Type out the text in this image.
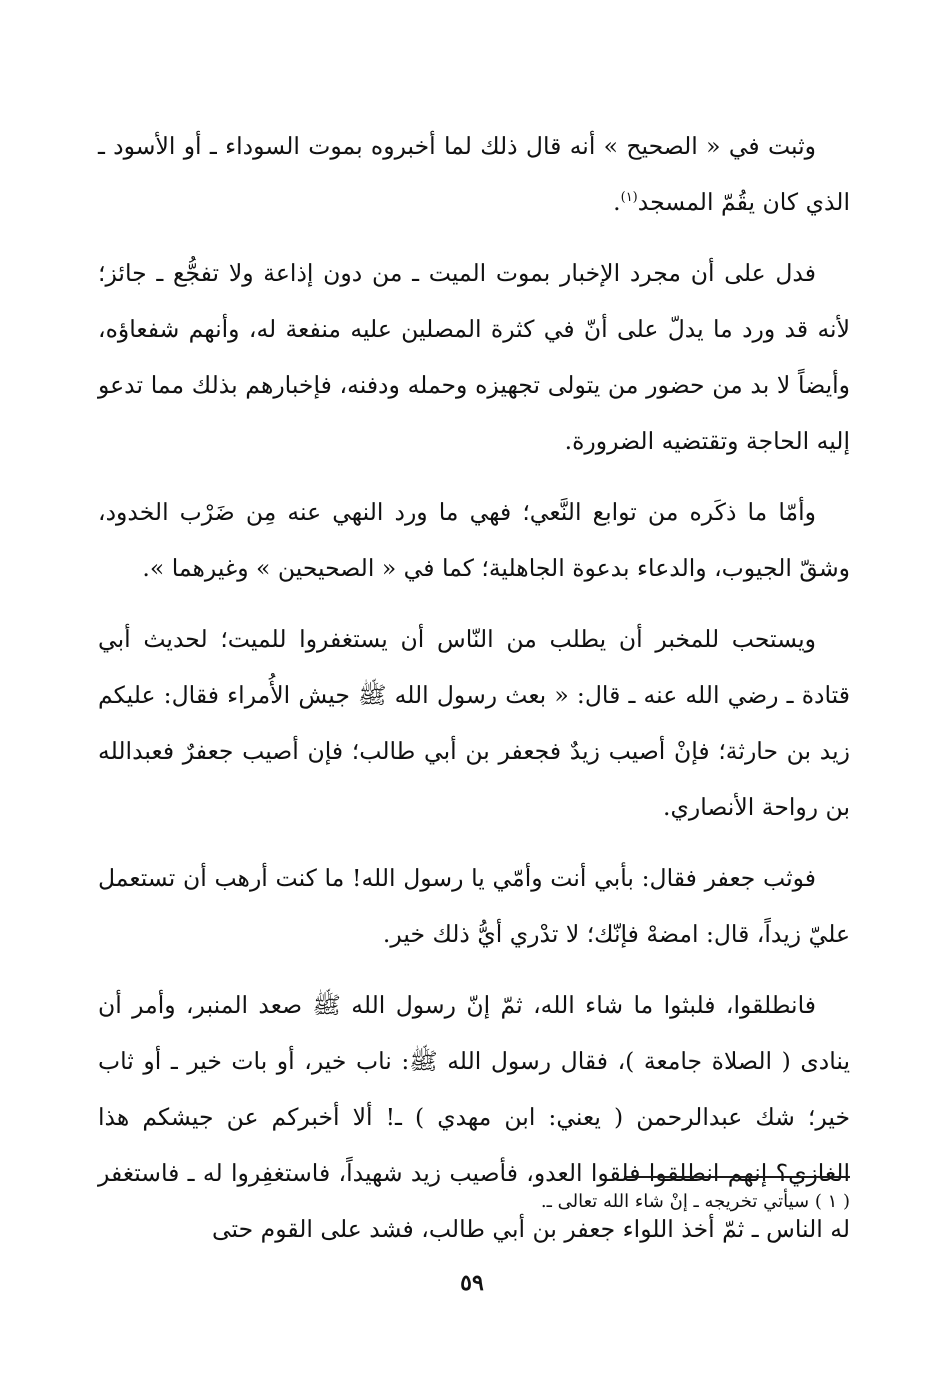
وثبت في « الصحيح » أنه قال ذلك لما أخبروه بموت السوداء ـ أو الأسود ـ الذي كان يقُمّ المسجد$^{(١)}$.

فدل على أن مجرد الإخبار بموت الميت ـ من دون إذاعة ولا تفجُّع ـ جائز؛ لأنه قد ورد ما يدلّ على أنّ في كثرة المصلين عليه منفعة له، وأنهم شفعاؤه، وأيضاً لا بد من حضور من يتولى تجهيزه وحمله ودفنه، فإخبارهم بذلك مما تدعو إليه الحاجة وتقتضيه الضرورة.

وأمّا ما ذكَره من توابع النَّعي؛ فهي ما ورد النهي عنه مِن ضَرْب الخدود، وشقّ الجيوب، والدعاء بدعوة الجاهلية؛ كما في « الصحيحين » وغيرهما ».

ويستحب للمخبر أن يطلب من النّاس أن يستغفروا للميت؛ لحديث أبي قتادة ـ رضي الله عنه ـ قال: « بعث رسول الله ﷺ جيش الأُمراء فقال: عليكم زيد بن حارثة؛ فإنْ أصيب زيدٌ فجعفر بن أبي طالب؛ فإن أصيب جعفرٌ فعبدالله بن رواحة الأنصاري.

فوثب جعفر فقال: بأبي أنت وأمّي يا رسول الله! ما كنت أرهب أن تستعمل عليّ زيداً، قال: امضهْ فإنّك؛ لا تدْري أيُّ ذلك خير.

فانطلقوا، فلبثوا ما شاء الله، ثمّ إنّ رسول الله ﷺ صعد المنبر، وأمر أن ينادى ( الصلاة جامعة )، فقال رسول الله ﷺ: ناب خير، أو بات خير ـ أو ثاب خير؛ شك عبدالرحمن ( يعني: ابن مهدي ) ـ! ألا أخبركم عن جيشكم هذا الغازي؟ إنهم انطلقوا فلقوا العدو، فأصيب زيد شهيداً، فاستغفِروا له ـ فاستغفر له الناس ـ ثمّ أخذ اللواء جعفر بن أبي طالب، فشد على القوم حتى

( ١ ) سيأتي تخريجه ـ إنْ شاء الله تعالى ـ.
٥٩
